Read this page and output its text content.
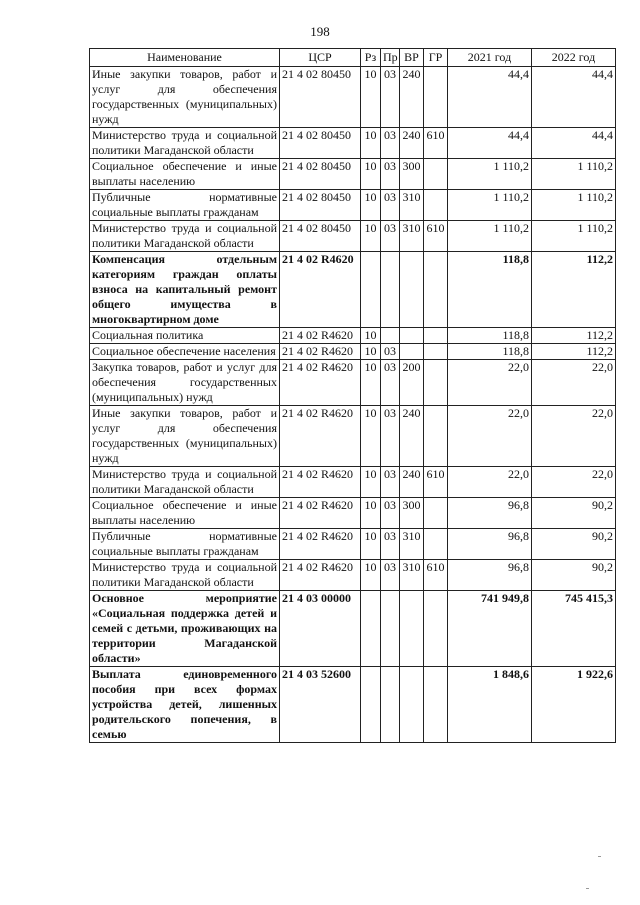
198
Наименование	ЦСР	Рз	Пр	ВР	ГР	2021 год	2022 год
Иные закупки товаров, работ и услуг для обеспечения государственных (муниципальных) нужд	21 4 02 80450	10	03	240		44,4	44,4
Министерство труда и социальной политики Магаданской области	21 4 02 80450	10	03	240	610	44,4	44,4
Социальное обеспечение и иные выплаты населению	21 4 02 80450	10	03	300		1 110,2	1 110,2
Публичные нормативные социальные выплаты гражданам	21 4 02 80450	10	03	310		1 110,2	1 110,2
Министерство труда и социальной политики Магаданской области	21 4 02 80450	10	03	310	610	1 110,2	1 110,2
Компенсация отдельным категориям граждан оплаты взноса на капитальный ремонт общего имущества в многоквартирном доме	21 4 02 R4620					118,8	112,2
Социальная политика	21 4 02 R4620	10				118,8	112,2
Социальное обеспечение населения	21 4 02 R4620	10	03			118,8	112,2
Закупка товаров, работ и услуг для обеспечения государственных (муниципальных) нужд	21 4 02 R4620	10	03	200		22,0	22,0
Иные закупки товаров, работ и услуг для обеспечения государственных (муниципальных) нужд	21 4 02 R4620	10	03	240		22,0	22,0
Министерство труда и социальной политики Магаданской области	21 4 02 R4620	10	03	240	610	22,0	22,0
Социальное обеспечение и иные выплаты населению	21 4 02 R4620	10	03	300		96,8	90,2
Публичные нормативные социальные выплаты гражданам	21 4 02 R4620	10	03	310		96,8	90,2
Министерство труда и социальной политики Магаданской области	21 4 02 R4620	10	03	310	610	96,8	90,2
Основное мероприятие «Социальная поддержка детей и семей с детьми, проживающих на территории Магаданской области»	21 4 03 00000					741 949,8	745 415,3
Выплата единовременного пособия при всех формах устройства детей, лишенных родительского попечения, в семью	21 4 03 52600					1 848,6	1 922,6
